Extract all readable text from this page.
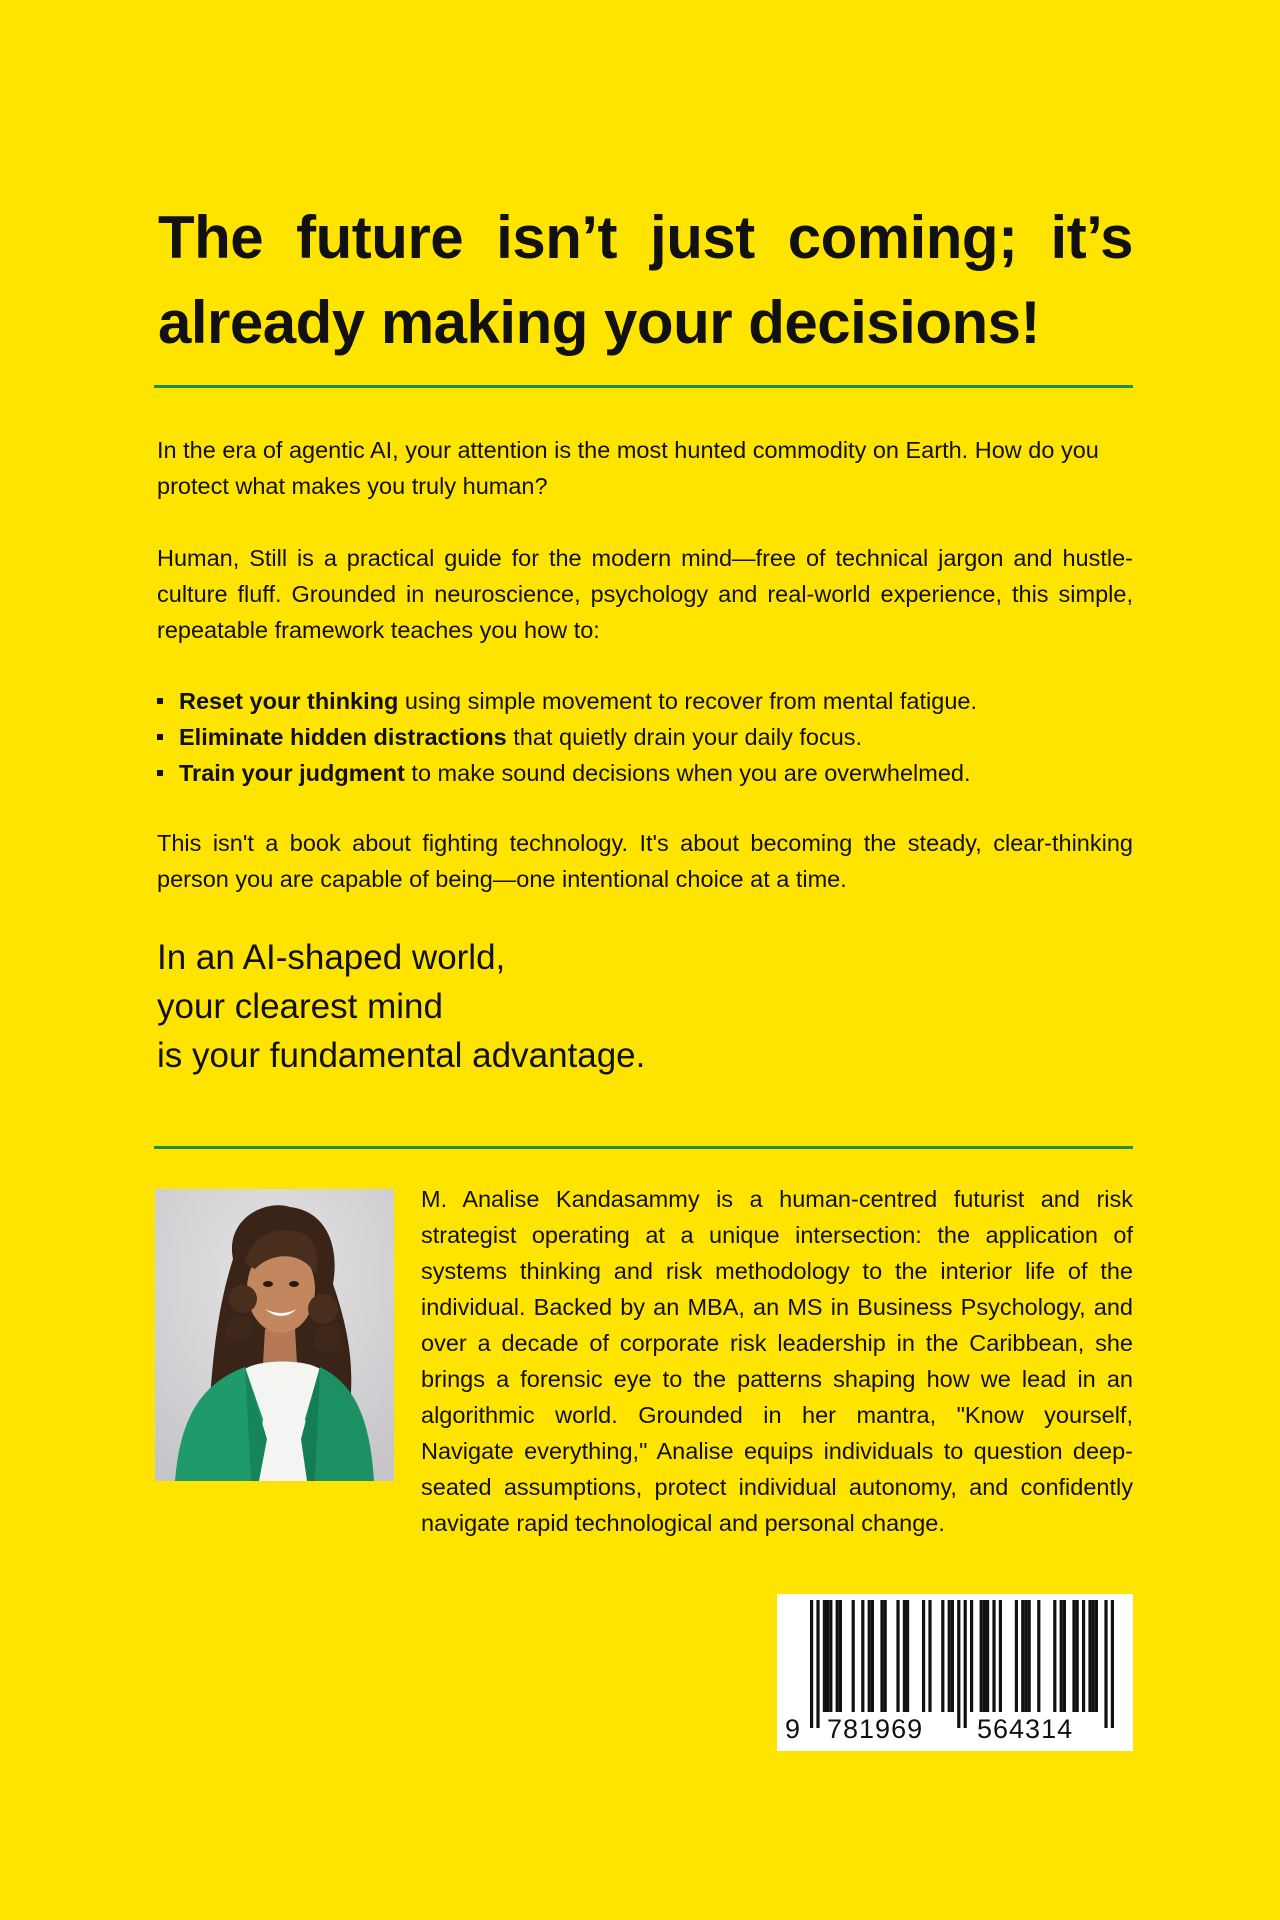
The future isn’t just coming; it’s already making your decisions!
In the era of agentic AI, your attention is the most hunted commodity on Earth. How do you protect what makes you truly human?
Human, Still is a practical guide for the modern mind—free of technical jargon and hustle-culture fluff. Grounded in neuroscience, psychology and real-world experience, this simple, repeatable framework teaches you how to:
Reset your thinking using simple movement to recover from mental fatigue.
Eliminate hidden distractions that quietly drain your daily focus.
Train your judgment to make sound decisions when you are overwhelmed.
This isn't a book about fighting technology. It's about becoming the steady, clear-thinking person you are capable of being—one intentional choice at a time.
In an AI-shaped world,
your clearest mind
is your fundamental advantage.
M. Analise Kandasammy is a human-centred futurist and risk strategist operating at a unique intersection: the application of systems thinking and risk methodology to the interior life of the individual. Backed by an MBA, an MS in Business Psychology, and over a decade of corporate risk leadership in the Caribbean, she brings a forensic eye to the patterns shaping how we lead in an algorithmic world. Grounded in her mantra, "Know yourself, Navigate everything," Analise equips individuals to question deep-seated assumptions, protect individual autonomy, and confidently navigate rapid technological and personal change.
9 781969 564314
